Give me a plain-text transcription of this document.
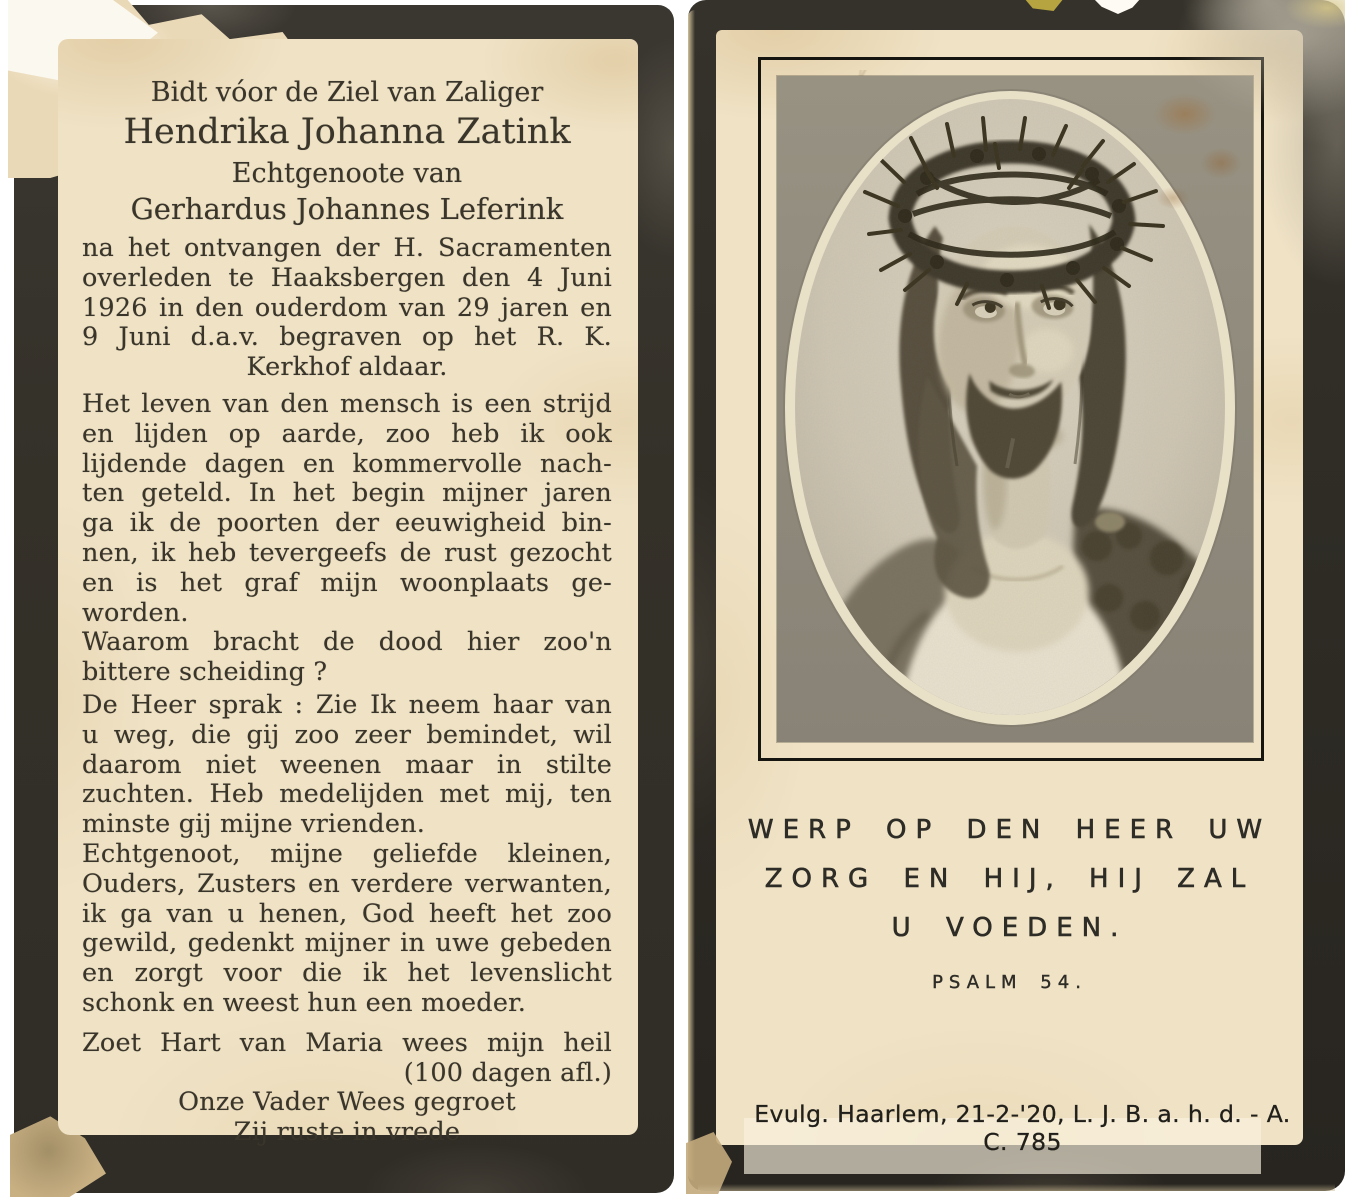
Bidt vóor de Ziel van Zaliger
Hendrika Johanna Zatink
Echtgenoote van
Gerhardus Johannes Leferink
na het ontvangen der H. Sacramenten
overleden te Haaksbergen den 4 Juni
1926 in den ouderdom van 29 jaren en
9 Juni d.a.v. begraven op het R. K.
Kerkhof aldaar.
Het leven van den mensch is een strijd
en lijden op aarde, zoo heb ik ook
lijdende dagen en kommervolle nach-
ten geteld. In het begin mijner jaren
ga ik de poorten der eeuwigheid bin-
nen, ik heb tevergeefs de rust gezocht
en is het graf mijn woonplaats ge-
worden.
Waarom bracht de dood hier zoo'n
bittere scheiding ?
De Heer sprak : Zie Ik neem haar van
u weg, die gij zoo zeer bemindet, wil
daarom niet weenen maar in stilte
zuchten. Heb medelijden met mij, ten
minste gij mijne vrienden.
Echtgenoot, mijne geliefde kleinen,
Ouders, Zusters en verdere verwanten,
ik ga van u henen, God heeft het zoo
gewild, gedenkt mijner in uwe gebeden
en zorgt voor die ik het levenslicht
schonk en weest hun een moeder.
Zoet Hart van Maria wees mijn heil
(100 dagen afl.)
Onze Vader Wees gegroet
Zij ruste in vrede
WERP OP DEN HEER UW
ZORG EN HIJ, HIJ ZAL
U VOEDEN.
PSALM 54.
Evulg. Haarlem, 21-2-'20, L. J. B. a. h. d. - A. C. 785
